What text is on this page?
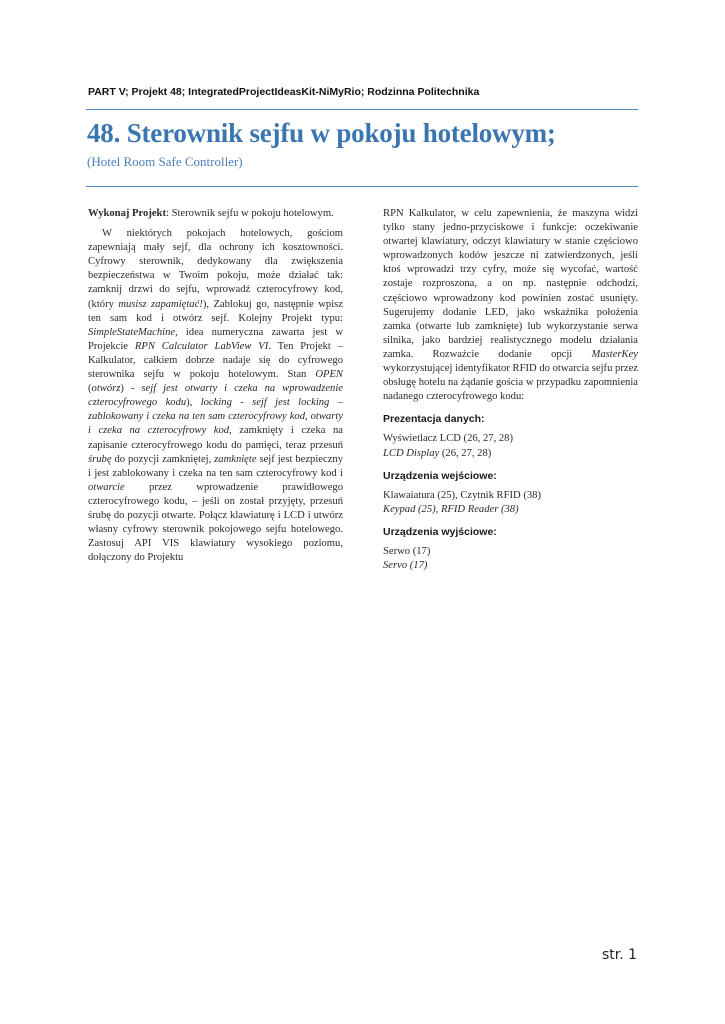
PART V; Projekt 48; IntegratedProjectIdeasKit-NiMyRio; Rodzinna Politechnika
48. Sterownik sejfu w pokoju hotelowym;
(Hotel Room Safe Controller)

Wykonaj Projekt: Sterownik sejfu w pokoju hotelowym.

W niektórych pokojach hotelowych, gościom zapewniają mały sejf, dla ochrony ich kosztowności. Cyfrowy sterownik, dedykowany dla zwiększenia bezpieczeństwa w Twoim pokoju, może działać tak: zamknij drzwi do sejfu, wprowadź czterocyfrowy kod, (który musisz zapamiętać!), Zablokuj go, następnie wpisz ten sam kod i otwórz sejf. Kolejny Projekt typu: SimpleStateMachine, idea numeryczna zawarta jest w Projekcie RPN Calculator LabView VI. Ten Projekt – Kalkulator, całkiem dobrze nadaje się do cyfrowego sterownika sejfu w pokoju hotelowym. Stan OPEN (otwórz) - sejf jest otwarty i czeka na wprowadzenie czterocyfrowego kodu), locking - sejf jest locking – zablokowany i czeka na ten sam czterocyfrowy kod, otwarty i czeka na czterocyfrowy kod, zamknięty i czeka na zapisanie czterocyfrowego kodu do pamięci, teraz przesuń śrubę do pozycji zamkniętej, zamknięte sejf jest bezpieczny i jest zablokowany i czeka na ten sam czterocyfrowy kod i otwarcie przez wprowadzenie prawidłowego czterocyfrowego kodu, – jeśli on został przyjęty, przesuń śrubę do pozycji otwarte. Połącz klawiaturę i LCD i utwórz własny cyfrowy sterownik pokojowego sejfu hotelowego. Zastosuj API VIS klawiatury wysokiego poziomu, dołączony do Projektu

RPN Kalkulator, w celu zapewnienia, że maszyna widzi tylko stany jedno-przyciskowe i funkcje: oczekiwanie otwartej klawiatury, odczyt klawiatury w stanie częściowo wprowadzonych kodów jeszcze ni zatwierdzonych, jeśli ktoś wprowadzi trzy cyfry, może się wycofać, wartość zostaje rozproszona, a on np. następnie odchodzi, częściowo wprowadzony kod powinien zostać usunięty. Sugerujemy dodanie LED, jako wskaźnika położenia zamka (otwarte lub zamknięte) lub wykorzystanie serwa silnika, jako bardziej realistycznego modelu działania zamka. Rozważcie dodanie opcji MasterKey wykorzystującej identyfikator RFID do otwarcia sejfu przez obsługę hotelu na żądanie gościa w przypadku zapomnienia nadanego czterocyfrowego kodu:

Prezentacja danych:

Wyświetlacz LCD (26, 27, 28)

LCD Display (26, 27, 28)

Urządzenia wejściowe:

Klawaiatura (25), Czytnik RFID (38)

Keypad (25), RFID Reader (38)

Urządzenia wyjściowe:

Serwo (17)

Servo (17)

str. 1
